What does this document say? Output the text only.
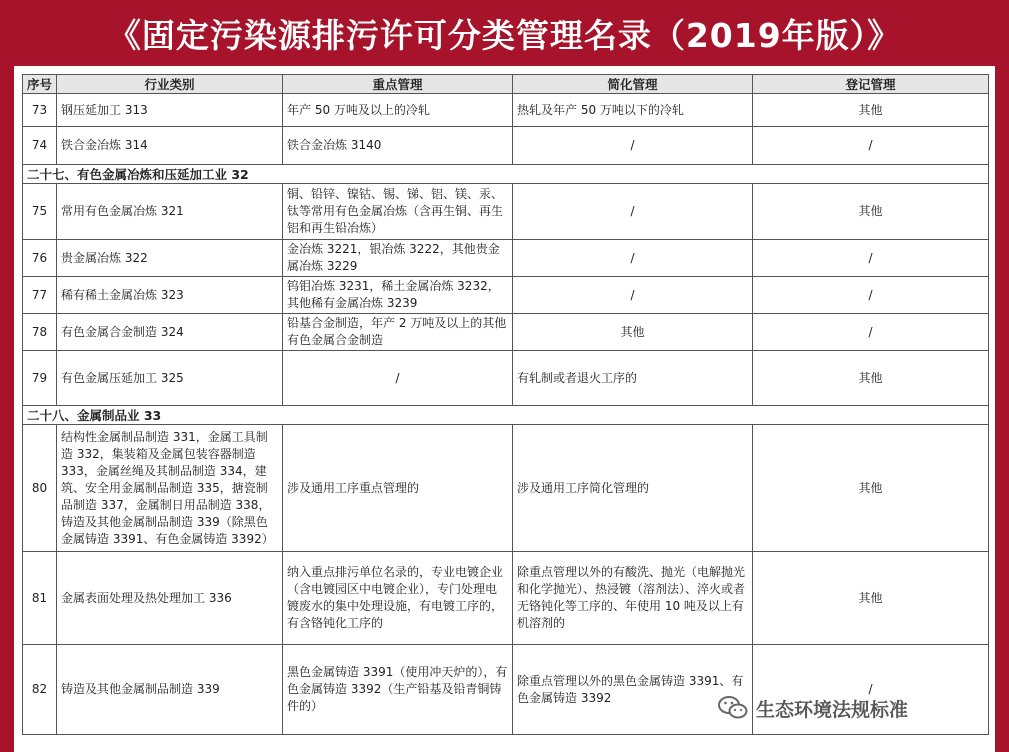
《固定污染源排污许可分类管理名录（2019年版）》
序号	行业类别	重点管理	简化管理	登记管理
73	钢压延加工 313	年产 50 万吨及以上的冷轧	热轧及年产 50 万吨以下的冷轧	其他
74	铁合金冶炼 314	铁合金冶炼 3140	/	/
二十七、有色金属冶炼和压延加工业 32				
75	常用有色金属冶炼 321	铜、铅锌、镍钴、锡、锑、铝、镁、汞、钛等常用有色金属冶炼（含再生铜、再生铝和再生铅冶炼）	/	其他
76	贵金属冶炼 322	金冶炼 3221，银冶炼 3222，其他贵金属冶炼 3229	/	/
77	稀有稀土金属冶炼 323	钨钼冶炼 3231，稀土金属冶炼 3232，其他稀有金属冶炼 3239	/	/
78	有色金属合金制造 324	铅基合金制造，年产 2 万吨及以上的其他有色金属合金制造	其他	/
79	有色金属压延加工 325	/	有轧制或者退火工序的	其他
二十八、金属制品业 33				
80	结构性金属制品制造 331，金属工具制造 332，集装箱及金属包装容器制造 333，金属丝绳及其制品制造 334，建筑、安全用金属制品制造 335，搪瓷制品制造 337，金属制日用品制造 338，铸造及其他金属制品制造 339（除黑色金属铸造 3391、有色金属铸造 3392）	涉及通用工序重点管理的	涉及通用工序简化管理的	其他
81	金属表面处理及热处理加工 336	纳入重点排污单位名录的，专业电镀企业（含电镀园区中电镀企业），专门处理电镀废水的集中处理设施，有电镀工序的，有含铬钝化工序的	除重点管理以外的有酸洗、抛光（电解抛光和化学抛光）、热浸镀（溶剂法）、淬火或者无铬钝化等工序的、年使用 10 吨及以上有机溶剂的	其他
82	铸造及其他金属制品制造 339	黑色金属铸造 3391（使用冲天炉的），有色金属铸造 3392（生产铅基及铅青铜铸件的）	除重点管理以外的黑色金属铸造 3391、有色金属铸造 3392	/
生态环境法规标准
